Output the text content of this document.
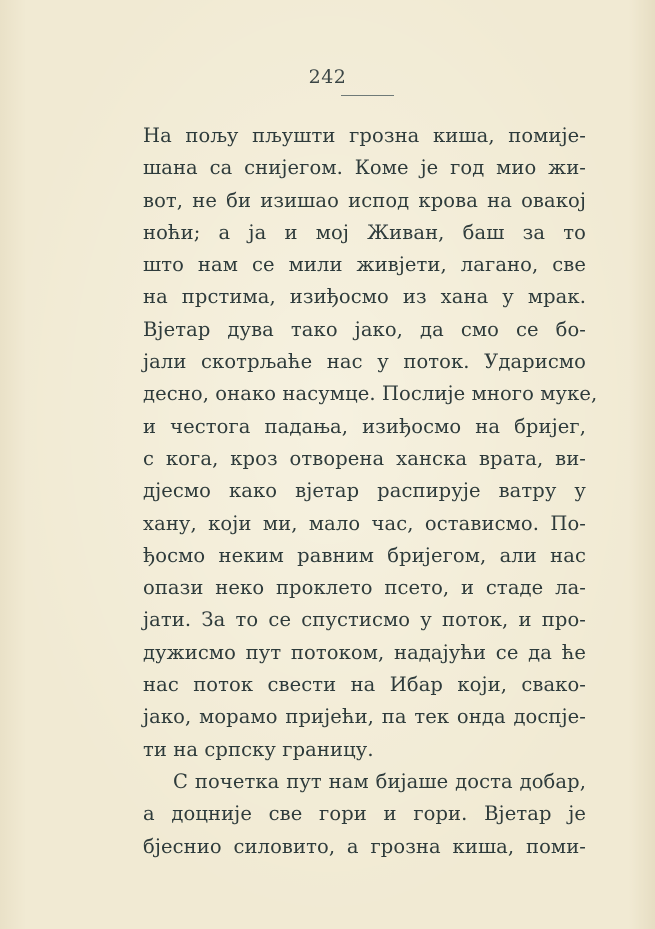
242
На пољу пљушти грозна киша, помије-
шана са снијегом. Коме је год мио жи-
вот, не би изишао испод крова на овакој
ноћи; а ја и мој Живан, баш за то
што нам се мили живјети, лагано, све
на прстима, изиђосмо из хана у мрак.
Вјетар дува тако јако, да смо се бо-
јали скотрљаће нас у поток. Ударисмо
десно, онако насумце. Послије много муке,
и честога падања, изиђосмо на бријег,
с кога, кроз отворена ханска врата, ви-
дјесмо како вјетар распирује ватру у
хану, који ми, мало час, остависмо. По-
ђосмо неким равним бријегом, али нас
опази неко проклето псето, и стаде ла-
јати. За то се спустисмо у поток, и про-
дужисмо пут потоком, надајући се да ће
нас поток свести на Ибар који, свако-
јако, морамо пријећи, па тек онда доспје-
ти на српску границу.
С почетка пут нам бијаше доста добар,
а доцније све гори и гори. Вјетар је
бјеснио силовито, а грозна киша, поми-
